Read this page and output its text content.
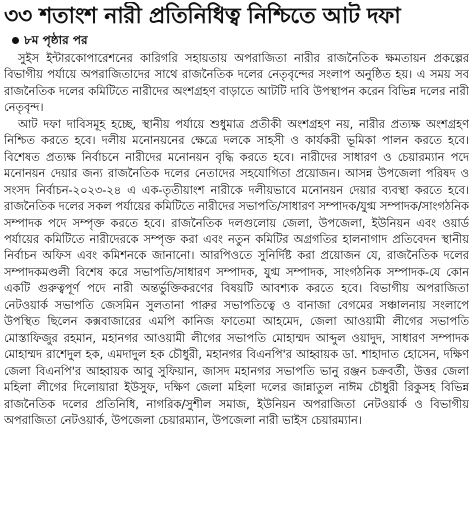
৩৩ শতাংশ নারী প্রতিনিধিত্ব নিশ্চিতে আট দফা
৮ম পৃষ্ঠার পর

সুইস ইন্টারকোপারেশনের কারিগরি সহায়তায় অপরাজিতা নারীর রাজনৈতিক ক্ষমতায়ন প্রকল্পের বিভাগীয় পর্যায়ে অপরাজিতাদের সাথে রাজনৈতিক দলের নেতৃবৃন্দের সংলাপ অনুষ্ঠিত হয়। এ সময় সব রাজনৈতিক দলের কমিটিতে নারীদের অংশগ্রহণ বাড়াতে আটটি দাবি উপস্থাপন করেন বিভিন্ন দলের নারী নেতৃবৃন্দ।

আট দফা দাবিসমূহ হচ্ছে, স্থানীয় পর্যায়ে শুধুমাত্র প্রতীকী অংশগ্রহণ নয়, নারীর প্রত্যক্ষ অংশগ্রহণ নিশ্চিত করতে হবে। দলীয় মনোনয়নের ক্ষেত্রে দলকে সাহসী ও কার্যকরী ভূমিকা পালন করতে হবে। বিশেষত প্রত্যক্ষ নির্বাচনে নারীদের মনোনয়ন বৃদ্ধি করতে হবে। নারীদের সাধারণ ও চেয়ারম্যান পদে মনোনয়ন দেয়ার জন্য রাজনৈতিক দলের নেতাদের সহযোগিতা প্রয়োজন। আসন্ন উপজেলা পরিষদ ও সংসদ নির্বাচন-২০২৩-২৪ এ এক-তৃতীয়াংশ নারীকে দলীয়ভাবে মনোনয়ন দেয়ার ব্যবস্থা করতে হবে। রাজনৈতিক দলের সকল পর্যায়ের কমিটিতে নারীদের সভাপতি/সাধারণ সম্পাদক/যুগ্ম সম্পাদক/সাংগঠনিক সম্পাদক পদে সম্পৃক্ত করতে হবে। রাজনৈতিক দলগুলোয় জেলা, উপজেলা, ইউনিয়ন এবং ওয়ার্ড পর্যায়ের কমিটিতে নারীদেরকে সম্পৃক্ত করা এবং নতুন কমিটির অগ্রগতির হালনাগাদ প্রতিবেদন স্থানীয় নির্বাচন অফিস এবং কমিশনকে জানানো। আরপিওতে সুনির্দিষ্ট করা প্রয়োজন যে, রাজনৈতিক দলের সম্পাদকমণ্ডলী বিশেষ করে সভাপতি/সাধারণ সম্পাদক, যুগ্ম সম্পাদক, সাংগঠনিক সম্পাদক-যে কোন একটি গুরুত্বপূর্ণ পদে নারী অন্তর্ভুক্তিকরণের বিষয়টি আবশ্যক করতে হবে। বিভাগীয় অপরাজিতা নেটওয়ার্ক সভাপতি জেসমিন সুলতানা পারুর সভাপতিত্বে ও বানাজা বেগমের সঞ্চালনায় সংলাপে উপস্থিত ছিলেন কক্সবাজারের এমপি কানিজ ফাতেমা আহমেদ, জেলা আওয়ামী লীগের সভাপতি মোস্তাফিজুর রহমান, মহানগর আওয়ামী লীগের সভাপতি মোহাম্মদ আব্দুল ওয়াদুদ, সাধারণ সম্পাদক মোহাম্মদ রাশেদুল হক, এমদাদুল হক চৌধুরী, মহানগর বিএনপি'র আহ্বায়ক ডা. শাহাদাত হোসেন, দক্ষিণ জেলা বিএনপি'র আহ্বায়ক আবু সুফিয়ান, জাসদ মহানগর সভাপতি ভানু রঞ্জন চক্রবর্তী, উত্তর জেলা মহিলা লীগের দিলোয়ারা ইউসুফ, দক্ষিণ জেলা মহিলা দলের জান্নাতুল নাঈম চৌধুরী রিকুসহ বিভিন্ন রাজনৈতিক দলের প্রতিনিধি, নাগরিক/সুশীল সমাজ, ইউনিয়ন অপরাজিতা নেটওয়ার্ক ও বিভাগীয় অপরাজিতা নেটওয়ার্ক, উপজেলা চেয়ারম্যান, উপজেলা নারী ভাইস চেয়ারম্যান।
